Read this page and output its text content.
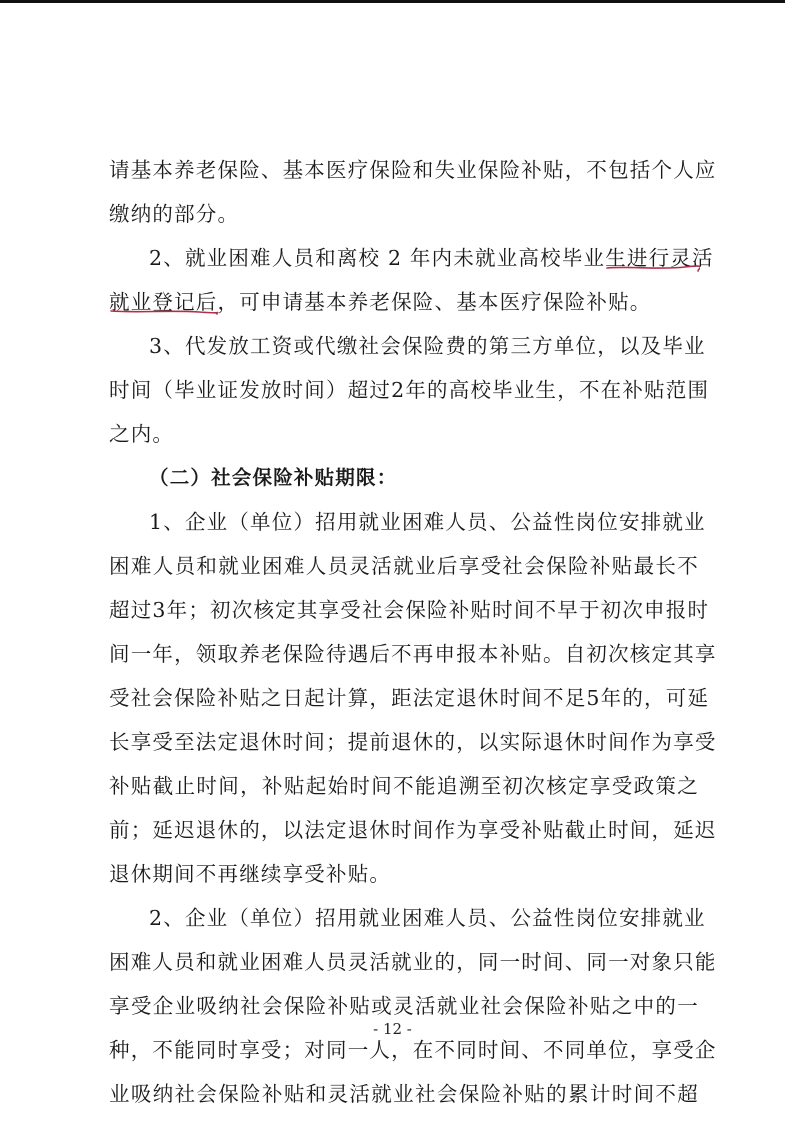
请基本养老保险、基本医疗保险和失业保险补贴，不包括个人应
缴纳的部分。
2、就业困难人员和离校 2 年内未就业高校毕业生进行灵活
就业登记后，可申请基本养老保险、基本医疗保险补贴。
3、代发放工资或代缴社会保险费的第三方单位，以及毕业
时间（毕业证发放时间）超过2年的高校毕业生，不在补贴范围
之内。
（二）社会保险补贴期限：
1、企业（单位）招用就业困难人员、公益性岗位安排就业
困难人员和就业困难人员灵活就业后享受社会保险补贴最长不
超过3年；初次核定其享受社会保险补贴时间不早于初次申报时
间一年，领取养老保险待遇后不再申报本补贴。自初次核定其享
受社会保险补贴之日起计算，距法定退休时间不足5年的，可延
长享受至法定退休时间；提前退休的，以实际退休时间作为享受
补贴截止时间，补贴起始时间不能追溯至初次核定享受政策之
前；延迟退休的，以法定退休时间作为享受补贴截止时间，延迟
退休期间不再继续享受补贴。
2、企业（单位）招用就业困难人员、公益性岗位安排就业
困难人员和就业困难人员灵活就业的，同一时间、同一对象只能
享受企业吸纳社会保险补贴或灵活就业社会保险补贴之中的一
种，不能同时享受；对同一人，在不同时间、不同单位，享受企
业吸纳社会保险补贴和灵活就业社会保险补贴的累计时间不超
- 12 -
